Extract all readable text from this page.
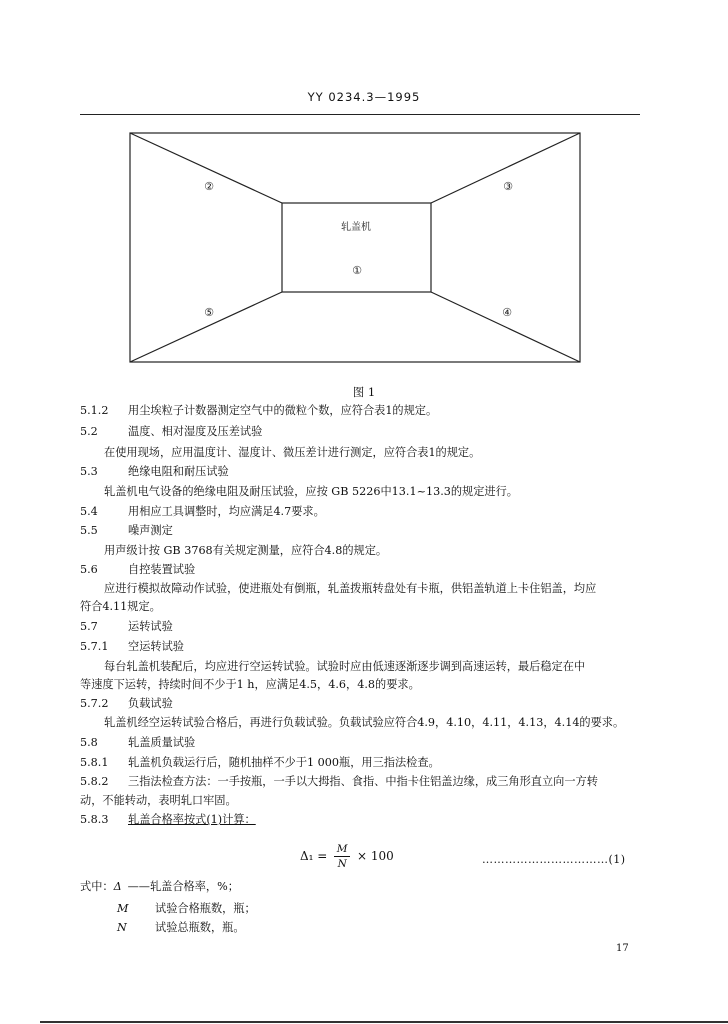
YY 0234.3—1995
轧盖机
①
②	③
④
⑤
图 1
5.1.2 用尘埃粒子计数器测定空气中的微粒个数，应符合表1的规定。
5.2	温度、相对湿度及压差试验
在使用现场，应用温度计、湿度计、微压差计进行测定，应符合表1的规定。
5.3	绝缘电阻和耐压试验
轧盖机电气设备的绝缘电阻及耐压试验，应按 GB 5226中13.1~13.3的规定进行。
5.4	用相应工具调整时，均应满足4.7要求。
5.5	噪声测定
用声级计按 GB 3768有关规定测量，应符合4.8的规定。
5.6	自控装置试验
应进行模拟故障动作试验，使进瓶处有倒瓶，轧盖拨瓶转盘处有卡瓶，供铝盖轨道上卡住铝盖，均应
符合4.11规定。
5.7	运转试验
5.7.1 空运转试验
每台轧盖机装配后，均应进行空运转试验。试验时应由低速逐渐逐步调到高速运转，最后稳定在中
等速度下运转，持续时间不少于1 h，应满足4.5，4.6，4.8的要求。
5.7.2 负载试验
轧盖机经空运转试验合格后，再进行负载试验。负载试验应符合4.9，4.10，4.11，4.13，4.14的要求。
5.8	轧盖质量试验
5.8.1 轧盖机负载运行后，随机抽样不少于1 000瓶，用三指法检查。
5.8.2 三指法检查方法：一手按瓶，一手以大拇指、食指、中指卡住铝盖边缘，成三角形直立向一方转
动，不能转动，表明轧口牢固。
5.8.3 轧盖合格率按式(1)计算：
$\Delta_1 = \frac{M}{N} \times 100$	……………………………(1)
式中：Δ ——轧盖合格率，%；
M 试验合格瓶数，瓶；
N	试验总瓶数，瓶。
17
